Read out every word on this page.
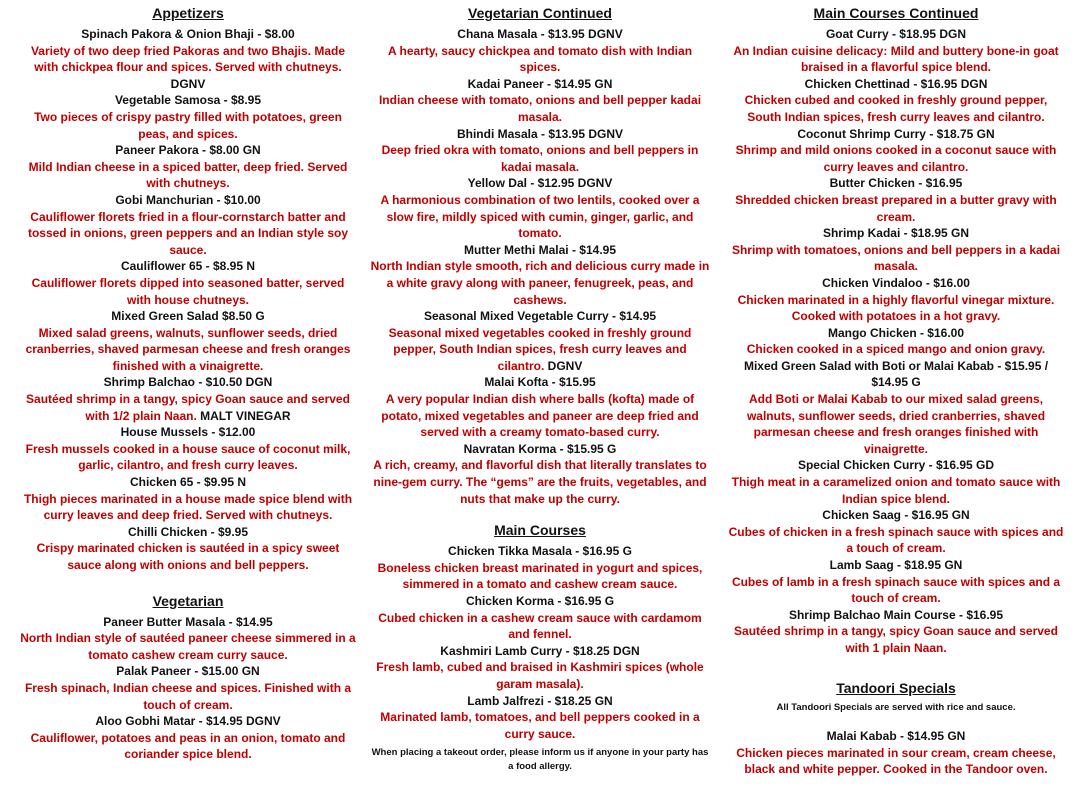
Appetizers
Spinach Pakora & Onion Bhaji - $8.00
Variety of two deep fried Pakoras and two Bhajis. Made with chickpea flour and spices. Served with chutneys. DGNV
Vegetable Samosa - $8.95
Two pieces of crispy pastry filled with potatoes, green peas, and spices.
Paneer Pakora - $8.00 GN
Mild Indian cheese in a spiced batter, deep fried. Served with chutneys.
Gobi Manchurian - $10.00
Cauliflower florets fried in a flour-cornstarch batter and tossed in onions, green peppers and an Indian style soy sauce.
Cauliflower 65 - $8.95 N
Cauliflower florets dipped into seasoned batter, served with house chutneys.
Mixed Green Salad $8.50 G
Mixed salad greens, walnuts, sunflower seeds, dried cranberries, shaved parmesan cheese and fresh oranges finished with a vinaigrette.
Shrimp Balchao - $10.50 DGN
Sautéed shrimp in a tangy, spicy Goan sauce and served with 1/2 plain Naan. MALT VINEGAR
House Mussels - $12.00
Fresh mussels cooked in a house sauce of coconut milk, garlic, cilantro, and fresh curry leaves.
Chicken 65 - $9.95 N
Thigh pieces marinated in a house made spice blend with curry leaves and deep fried. Served with chutneys.
Chilli Chicken - $9.95
Crispy marinated chicken is sautéed in a spicy sweet sauce along with onions and bell peppers.
Vegetarian
Paneer Butter Masala - $14.95
North Indian style of sautéed paneer cheese simmered in a tomato cashew cream curry sauce.
Palak Paneer - $15.00 GN
Fresh spinach, Indian cheese and spices. Finished with a touch of cream.
Aloo Gobhi Matar - $14.95 DGNV
Cauliflower, potatoes and peas in an onion, tomato and coriander spice blend.
Vegetarian Continued
Chana Masala - $13.95 DGNV
A hearty, saucy chickpea and tomato dish with Indian spices.
Kadai Paneer - $14.95 GN
Indian cheese with tomato, onions and bell pepper kadai masala.
Bhindi Masala - $13.95 DGNV
Deep fried okra with tomato, onions and bell peppers in kadai masala.
Yellow Dal - $12.95 DGNV
A harmonious combination of two lentils, cooked over a slow fire, mildly spiced with cumin, ginger, garlic, and tomato.
Mutter Methi Malai - $14.95
North Indian style smooth, rich and delicious curry made in a white gravy along with paneer, fenugreek, peas, and cashews.
Seasonal Mixed Vegetable Curry - $14.95
Seasonal mixed vegetables cooked in freshly ground pepper, South Indian spices, fresh curry leaves and cilantro. DGNV
Malai Kofta - $15.95
A very popular Indian dish where balls (kofta) made of potato, mixed vegetables and paneer are deep fried and served with a creamy tomato-based curry.
Navratan Korma - $15.95 G
A rich, creamy, and flavorful dish that literally translates to nine-gem curry. The “gems” are the fruits, vegetables, and nuts that make up the curry.
Main Courses
Chicken Tikka Masala - $16.95 G
Boneless chicken breast marinated in yogurt and spices, simmered in a tomato and cashew cream sauce.
Chicken Korma - $16.95 G
Cubed chicken in a cashew cream sauce with cardamom and fennel.
Kashmiri Lamb Curry - $18.25 DGN
Fresh lamb, cubed and braised in Kashmiri spices (whole garam masala).
Lamb Jalfrezi - $18.25 GN
Marinated lamb, tomatoes, and bell peppers cooked in a curry sauce.
When placing a takeout order, please inform us if anyone in your party has a food allergy.
Main Courses Continued
Goat Curry - $18.95 DGN
An Indian cuisine delicacy: Mild and buttery bone-in goat braised in a flavorful spice blend.
Chicken Chettinad - $16.95 DGN
Chicken cubed and cooked in freshly ground pepper, South Indian spices, fresh curry leaves and cilantro.
Coconut Shrimp Curry - $18.75 GN
Shrimp and mild onions cooked in a coconut sauce with curry leaves and cilantro.
Butter Chicken - $16.95
Shredded chicken breast prepared in a butter gravy with cream.
Shrimp Kadai - $18.95 GN
Shrimp with tomatoes, onions and bell peppers in a kadai masala.
Chicken Vindaloo - $16.00
Chicken marinated in a highly flavorful vinegar mixture. Cooked with potatoes in a hot gravy.
Mango Chicken - $16.00
Chicken cooked in a spiced mango and onion gravy.
Mixed Green Salad with Boti or Malai Kabab - $15.95 / $14.95 G
Add Boti or Malai Kabab to our mixed salad greens, walnuts, sunflower seeds, dried cranberries, shaved parmesan cheese and fresh oranges finished with vinaigrette.
Special Chicken Curry - $16.95 GD
Thigh meat in a caramelized onion and tomato sauce with Indian spice blend.
Chicken Saag - $16.95 GN
Cubes of chicken in a fresh spinach sauce with spices and a touch of cream.
Lamb Saag - $18.95 GN
Cubes of lamb in a fresh spinach sauce with spices and a touch of cream.
Shrimp Balchao Main Course - $16.95
Sautéed shrimp in a tangy, spicy Goan sauce and served with 1 plain Naan.
Tandoori Specials
All Tandoori Specials are served with rice and sauce.
Malai Kabab - $14.95 GN
Chicken pieces marinated in sour cream, cream cheese, black and white pepper. Cooked in the Tandoor oven.
